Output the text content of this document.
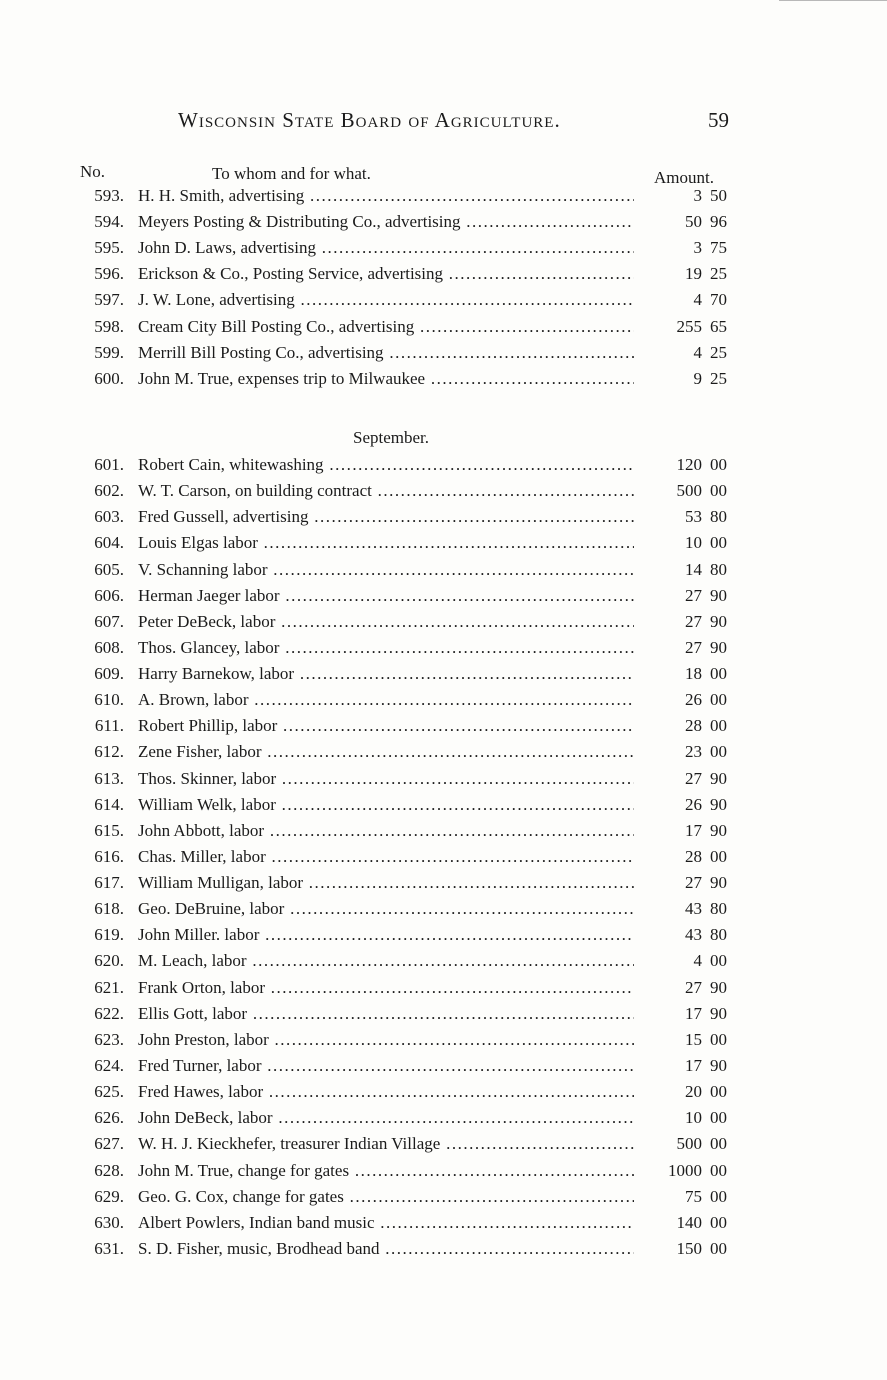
Wisconsin State Board of Agriculture.	59
No.	To whom and for what.	Amount.
593. H. H. Smith, advertising .....	3 50
594. Meyers Posting & Distributing Co., advertising .....	50 96
595. John D. Laws, advertising .....	3 75
596. Erickson & Co., Posting Service, advertising .....	19 25
597. J. W. Lone, advertising .....	4 70
598. Cream City Bill Posting Co., advertising .....	255 65
599. Merrill Bill Posting Co., advertising .....	4 25
600. John M. True, expenses trip to Milwaukee .....	9 25
September.
601. Robert Cain, whitewashing .....	120 00
602. W. T. Carson, on building contract .....	500 00
603. Fred Gussell, advertising .....	53 80
604. Louis Elgas labor .....	10 00
605. V. Schanning labor .....	14 80
606. Herman Jaeger labor .....	27 90
607. Peter DeBeck, labor .....	27 90
608. Thos. Glancey, labor .....	27 90
609. Harry Barnekow, labor .....	18 00
610. A. Brown, labor .....	26 00
611. Robert Phillip, labor .....	28 00
612. Zene Fisher, labor .....	23 00
613. Thos. Skinner, labor .....	27 90
614. William Welk, labor .....	26 90
615. John Abbott, labor .....	17 90
616. Chas. Miller, labor .....	28 00
617. William Mulligan, labor .....	27 90
618. Geo. DeBruine, labor .....	43 80
619. John Miller. labor .....	43 80
620. M. Leach, labor .....	4 00
621. Frank Orton, labor .....	27 90
622. Ellis Gott, labor .....	17 90
623. John Preston, labor .....	15 00
624. Fred Turner, labor .....	17 90
625. Fred Hawes, labor .....	20 00
626. John DeBeck, labor .....	10 00
627. W. H. J. Kieckhefer, treasurer Indian Village .....	500 00
628. John M. True, change for gates .....	1000 00
629. Geo. G. Cox, change for gates .....	75 00
630. Albert Powlers, Indian band music .....	140 00
631. S. D. Fisher, music, Brodhead band .....	150 00
